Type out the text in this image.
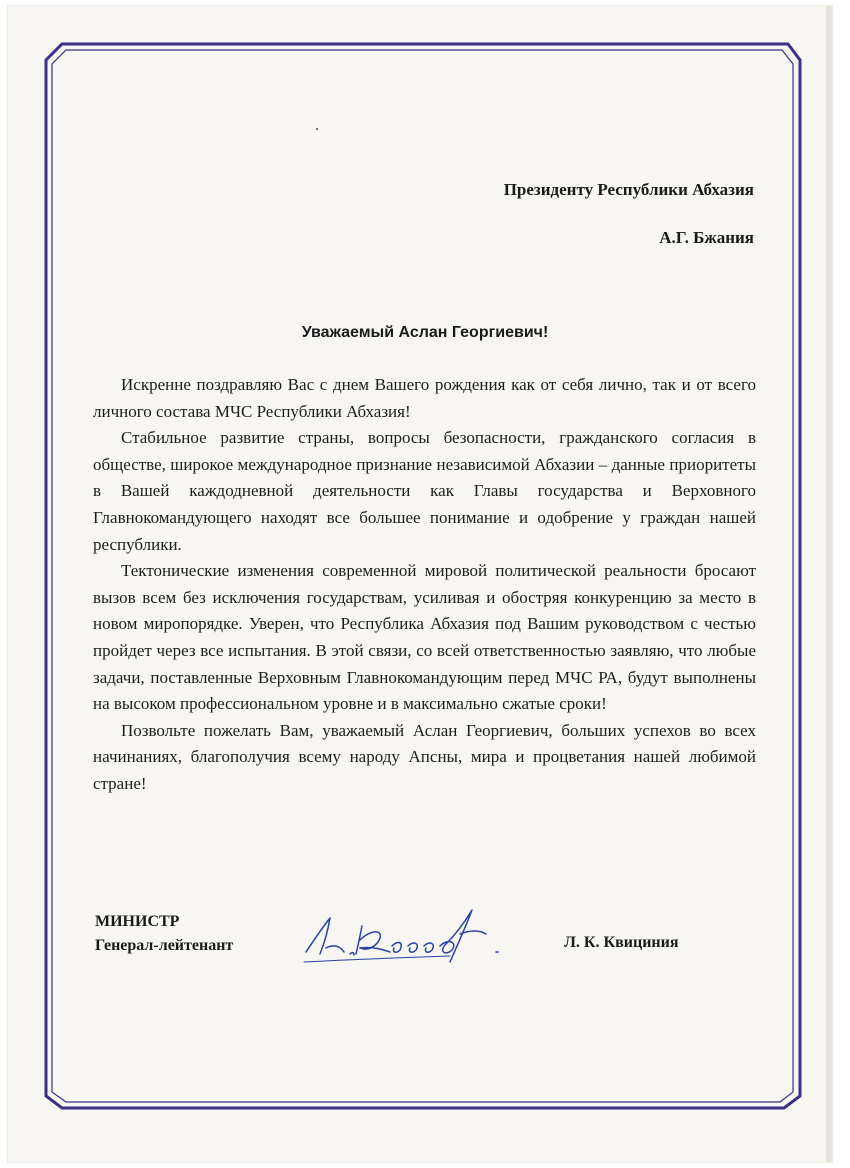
Президенту Республики Абхазия
А.Г. Бжания
Уважаемый Аслан Георгиевич!

Искренне поздравляю Вас с днем Вашего рождения как от себя лично, так и от всего личного состава МЧС Республики Абхазия!

Стабильное развитие страны, вопросы безопасности, гражданского согласия в обществе, широкое международное признание независимой Абхазии – данные приоритеты в Вашей каждодневной деятельности как Главы государства и Верховного Главнокомандующего находят все большее понимание и одобрение у граждан нашей республики.

Тектонические изменения современной мировой политической реальности бросают вызов всем без исключения государствам, усиливая и обостряя конкуренцию за место в новом миропорядке. Уверен, что Республика Абхазия под Вашим руководством с честью пройдет через все испытания. В этой связи, со всей ответственностью заявляю, что любые задачи, поставленные Верховным Главнокомандующим перед МЧС РА, будут выполнены на высоком профессиональном уровне и в максимально сжатые сроки!

Позвольте пожелать Вам, уважаемый Аслан Георгиевич, больших успехов во всех начинаниях, благополучия всему народу Апсны, мира и процветания нашей любимой стране!

МИНИСТР
Генерал-лейтенант	Л. К. Квициния
